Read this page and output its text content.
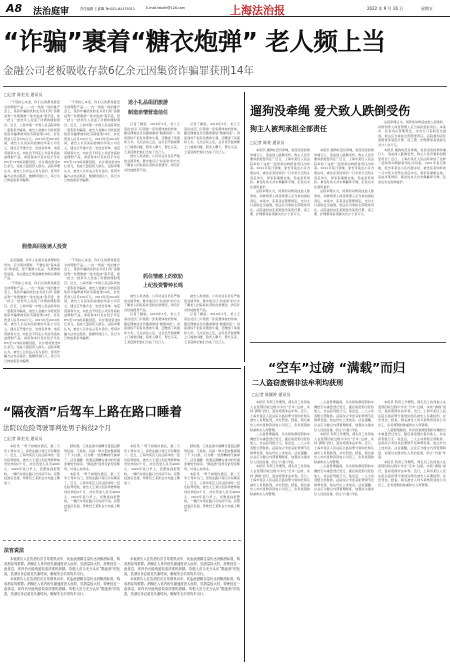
A8 法治庭审	责任编辑 王睿卿 Tel:021-64179311	E-mail:fzbzhf@126.com	上海法治报	2022 年 9 月 16 日	星期五
“诈骗”裹着“糖衣炮弹” 老人频上当
金融公司老板吸收存款6亿余元因集资诈骗罪获刑14年
□记者 陈宏光 通讯员

“不用担心本金，你们买的都是最安全的理财产品……”在一场接一场的推介会上，集资诈骗团伙的业务员们用“高额返利”“免费旅游”“送米送油”等手段，把一批又一批老年人拉进了所谓的理财项目。近日，上海市第一中级人民法院审结一起集资诈骗案，被告人金融公司老板因集资诈骗罪被判处有期徒刑14年，并处罚金人民币100万元。2015年至2019年间，被告人以其实际控制的多家公司名义，通过召开推介会、发放宣传单、电话营销等方式，向社会不特定公众宣传高收益理财产品，承诺保本付息并给予年化8%至12%的高额回报，共计吸收资金6亿余元，造成大量投资人损失。法院审理认为，被告人以非法占有为目的，使用诈骗方法非法集资，数额特别巨大，其行为已构成集资诈骗罪。

“不用担心本金，你们买的都是最安全的理财产品……”在一场接一场的推介会上，集资诈骗团伙的业务员们用“高额返利”“免费旅游”“送米送油”等手段，把一批又一批老年人拉进了所谓的理财项目。近日，上海市第一中级人民法院审结一起集资诈骗案，被告人金融公司老板因集资诈骗罪被判处有期徒刑14年，并处罚金人民币100万元。2015年至2019年间，被告人以其实际控制的多家公司名义，通过召开推介会、发放宣传单、电话营销等方式，向社会不特定公众宣传高收益理财产品，承诺保本付息并给予年化8%至12%的高额回报，共计吸收资金6亿余元，造成大量投资人损失。法院审理认为，被告人以非法占有为目的，使用诈骗方法非法集资，数额特别巨大，其行为已构成集资诈骗罪。

假借高回报诱人投资

法官提醒，老年人在面对各类理财宣传时，应当保持理性，不要轻信“保本高息”的承诺，更不要被小礼品、免费旅游所迷惑，务必通过正规金融机构购买理财产品。

“不用担心本金，你们买的都是最安全的理财产品……”在一场接一场的推介会上，集资诈骗团伙的业务员们用“高额返利”“免费旅游”“送米送油”等手段，把一批又一批老年人拉进了所谓的理财项目。近日，上海市第一中级人民法院审结一起集资诈骗案，被告人金融公司老板因集资诈骗罪被判处有期徒刑14年，并处罚金人民币100万元。2015年至2019年间，被告人以其实际控制的多家公司名义，通过召开推介会、发放宣传单、电话营销等方式，向社会不特定公众宣传高收益理财产品，承诺保本付息并给予年化8%至12%的高额回报，共计吸收资金6亿余元，造成大量投资人损失。法院审理认为，被告人以非法占有为目的，使用诈骗方法非法集资，数额特别巨大，其行为已构成集资诈骗罪。

“不用担心本金，你们买的都是最安全的理财产品……”在一场接一场的推介会上，集资诈骗团伙的业务员们用“高额返利”“免费旅游”“送米送油”等手段，把一批又一批老年人拉进了所谓的理财项目。近日，上海市第一中级人民法院审结一起集资诈骗案，被告人金融公司老板因集资诈骗罪被判处有期徒刑14年，并处罚金人民币100万元。2015年至2019年间，被告人以其实际控制的多家公司名义，通过召开推介会、发放宣传单、电话营销等方式，向社会不特定公众宣传高收益理财产品，承诺保本付息并给予年化8%至12%的高额回报，共计吸收资金6亿余元，造成大量投资人损失。法院审理认为，被告人以非法占有为目的，使用诈骗方法非法集资，数额特别巨大，其行为已构成集资诈骗罪。

送小礼品组团旅游
制造亲情营造信任

记者了解到，2018年3月，老人王某在社区门口领到一张免费体检的传单，随后便被业务员邀请参加“健康讲座”。讲座现场不但有免费的午餐，还赠送了鸡蛋和大米。几次活动之后，业务员开始频繁上门嘘寒问暖，陪老人聊天、帮忙买菜，王某逐渐把他们当成了自己人。

被告人供述称，公司对业务员有严格的业绩考核，要求他们以“拉家常”的方式了解老人的家庭状况和存款情况，再有针对性地推荐产品。

记者了解到，2018年3月，老人王某在社区门口领到一张免费体检的传单，随后便被业务员邀请参加“健康讲座”。讲座现场不但有免费的午餐，还赠送了鸡蛋和大米。几次活动之后，业务员开始频繁上门嘘寒问暖，陪老人聊天、帮忙买菜，王某逐渐把他们当成了自己人。

抓住情感上的软肋
上纪投资警钟长鸣

被告人供述称，公司对业务员有严格的业绩考核，要求他们以“拉家常”的方式了解老人的家庭状况和存款情况，再有针对性地推荐产品。

记者了解到，2018年3月，老人王某在社区门口领到一张免费体检的传单，随后便被业务员邀请参加“健康讲座”。讲座现场不但有免费的午餐，还赠送了鸡蛋和大米。几次活动之后，业务员开始频繁上门嘘寒问暖，陪老人聊天、帮忙买菜，王某逐渐把他们当成了自己人。

被告人供述称，公司对业务员有严格的业绩考核，要求他们以“拉家常”的方式了解老人的家庭状况和存款情况，再有针对性地推荐产品。

记者了解到，2018年3月，老人王某在社区门口领到一张免费体检的传单，随后便被业务员邀请参加“健康讲座”。讲座现场不但有免费的午餐，还赠送了鸡蛋和大米。几次活动之后，业务员开始频繁上门嘘寒问暖，陪老人聊天、帮忙买菜，王某逐渐把他们当成了自己人。

遛狗没牵绳 爱犬致人跌倒受伤
狗主人被判承担全部责任
□记者 陈豪 通讯员

本报讯 遛狗时没有牵绳，致使受惊的狗冲撞行人，造成他人跌倒受伤，狗主人是否要承担赔偿责任？近日，上海市某区人民法院审结了这样一起饲养动物损害责任纠纷案。2021年某日傍晚，原告李某在小区内散步时，被告张某饲养的一只中型犬突然从身后冲出，将李某撞倒在地，造成李某骨折。事发时该犬并未佩戴牵引绳，张某也未在现场看护。

法院审理认为，饲养的动物造成他人损害的，动物饲养人或者管理人应当承担侵权责任。本案中，张某违反管理规定，未对犬只采取安全措施，依法应当承担全部赔偿责任。法院遂判决张某赔偿李某医疗费、误工费、护理费等各项损失共计十余万元。

本报讯 遛狗时没有牵绳，致使受惊的狗冲撞行人，造成他人跌倒受伤，狗主人是否要承担赔偿责任？近日，上海市某区人民法院审结了这样一起饲养动物损害责任纠纷案。2021年某日傍晚，原告李某在小区内散步时，被告张某饲养的一只中型犬突然从身后冲出，将李某撞倒在地，造成李某骨折。事发时该犬并未佩戴牵引绳，张某也未在现场看护。

法院审理认为，饲养的动物造成他人损害的，动物饲养人或者管理人应当承担侵权责任。本案中，张某违反管理规定，未对犬只采取安全措施，依法应当承担全部赔偿责任。法院遂判决张某赔偿李某医疗费、误工费、护理费等各项损失共计十余万元。

法院审理认为，饲养的动物造成他人损害的，动物饲养人或者管理人应当承担侵权责任。本案中，张某违反管理规定，未对犬只采取安全措施，依法应当承担全部赔偿责任。法院遂判决张某赔偿李某医疗费、误工费、护理费等各项损失共计十余万元。

本报讯 遛狗时没有牵绳，致使受惊的狗冲撞行人，造成他人跌倒受伤，狗主人是否要承担赔偿责任？近日，上海市某区人民法院审结了这样一起饲养动物损害责任纠纷案。2021年某日傍晚，原告李某在小区内散步时，被告张某饲养的一只中型犬突然从身后冲出，将李某撞倒在地，造成李某骨折。事发时该犬并未佩戴牵引绳，张某也未在现场看护。

“空车”过磅 “满载”而归
二人盗窃废钢非法牟利均获刑
□记者 陈颖婷 通讯员

本报讯 利用工作便利，两名员工伙同他人在废钢回收过程中多次“空车”过磅，实则“满载”而归，盗窃废钢非法牟利。近日，上海市某区人民法院以盗窃罪分别判处两名被告人有期徒刑，并处罚金。经查，两名被告人均为某物资回收公司员工，负责废钢的称重和出入库管理。

二人趁管理漏洞，多次将装满废钢的车辆按空车重量登记放行，随后将废钢出售给他人，非法获利数万元。案发后，二人主动退赔全部赃款。法院综合考虑其犯罪情节及悔罪表现，依法作出上述判决。法官提醒，企业应当健全内部管理制度，加强对关键岗位人员的监督，防止“内鬼”作案。

本报讯 利用工作便利，两名员工伙同他人在废钢回收过程中多次“空车”过磅，实则“满载”而归，盗窃废钢非法牟利。近日，上海市某区人民法院以盗窃罪分别判处两名被告人有期徒刑，并处罚金。经查，两名被告人均为某物资回收公司员工，负责废钢的称重和出入库管理。

二人趁管理漏洞，多次将装满废钢的车辆按空车重量登记放行，随后将废钢出售给他人，非法获利数万元。案发后，二人主动退赔全部赃款。法院综合考虑其犯罪情节及悔罪表现，依法作出上述判决。法官提醒，企业应当健全内部管理制度，加强对关键岗位人员的监督，防止“内鬼”作案。

本报讯 利用工作便利，两名员工伙同他人在废钢回收过程中多次“空车”过磅，实则“满载”而归，盗窃废钢非法牟利。近日，上海市某区人民法院以盗窃罪分别判处两名被告人有期徒刑，并处罚金。经查，两名被告人均为某物资回收公司员工，负责废钢的称重和出入库管理。

二人趁管理漏洞，多次将装满废钢的车辆按空车重量登记放行，随后将废钢出售给他人，非法获利数万元。案发后，二人主动退赔全部赃款。法院综合考虑其犯罪情节及悔罪表现，依法作出上述判决。法官提醒，企业应当健全内部管理制度，加强对关键岗位人员的监督，防止“内鬼”作案。

本报讯 利用工作便利，两名员工伙同他人在废钢回收过程中多次“空车”过磅，实则“满载”而归，盗窃废钢非法牟利。近日，上海市某区人民法院以盗窃罪分别判处两名被告人有期徒刑，并处罚金。经查，两名被告人均为某物资回收公司员工，负责废钢的称重和出入库管理。

二人趁管理漏洞，多次将装满废钢的车辆按空车重量登记放行，随后将废钢出售给他人，非法获利数万元。案发后，二人主动退赔全部赃款。法院综合考虑其犯罪情节及悔罪表现，依法作出上述判决。法官提醒，企业应当健全内部管理制度，加强对关键岗位人员的监督，防止“内鬼”作案。

本报讯 利用工作便利，两名员工伙同他人在废钢回收过程中多次“空车”过磅，实则“满载”而归，盗窃废钢非法牟利。近日，上海市某区人民法院以盗窃罪分别判处两名被告人有期徒刑，并处罚金。经查，两名被告人均为某物资回收公司员工，负责废钢的称重和出入库管理。

“隔夜酒”后驾车上路在路口睡着
法院以危险驾驶罪判处男子拘役2个月
□记者 陈宏光 通讯员

本报讯 一男子前晚饮酒后，第二天早上驾车出门，竟然在路口等红灯时睡着了。近日，上海市某区人民法院审结一起危险驾驶案，被告人王某以危险驾驶罪被判处拘役2个月，并处罚金人民币4000元。2022年某日早上，民警接到报警称，一辆汽车停在路口长时间不动。民警赶到后发现，驾驶员王某趴在方向盘上睡着了。

经检测，王某血液中酒精含量超过醉驾标准。王某称，其前一晚与朋友聚餐喝了不少白酒，以为睡一觉酒精就代谢掉了。法官提醒：饮酒后酒精在体内的代谢需要较长时间，“隔夜酒”同样可能导致醉驾，切莫心存侥幸。

本报讯 一男子前晚饮酒后，第二天早上驾车出门，竟然在路口等红灯时睡着了。近日，上海市某区人民法院审结一起危险驾驶案，被告人王某以危险驾驶罪被判处拘役2个月，并处罚金人民币4000元。2022年某日早上，民警接到报警称，一辆汽车停在路口长时间不动。民警赶到后发现，驾驶员王某趴在方向盘上睡着了。

本报讯 一男子前晚饮酒后，第二天早上驾车出门，竟然在路口等红灯时睡着了。近日，上海市某区人民法院审结一起危险驾驶案，被告人王某以危险驾驶罪被判处拘役2个月，并处罚金人民币4000元。2022年某日早上，民警接到报警称，一辆汽车停在路口长时间不动。民警赶到后发现，驾驶员王某趴在方向盘上睡着了。

经检测，王某血液中酒精含量超过醉驾标准。王某称，其前一晚与朋友聚餐喝了不少白酒，以为睡一觉酒精就代谢掉了。法官提醒：饮酒后酒精在体内的代谢需要较长时间，“隔夜酒”同样可能导致醉驾，切莫心存侥幸。

本报讯 一男子前晚饮酒后，第二天早上驾车出门，竟然在路口等红灯时睡着了。近日，上海市某区人民法院审结一起危险驾驶案，被告人王某以危险驾驶罪被判处拘役2个月，并处罚金人民币4000元。2022年某日早上，民警接到报警称，一辆汽车停在路口长时间不动。民警赶到后发现，驾驶员王某趴在方向盘上睡着了。

法官说法

本案被告人在饮酒后次日驾驶机动车，其血液酒精含量仍达到醉酒标准，构成危险驾驶罪。酒精在人体内的代谢速度因人而异，饮酒量较大时，即使经过一夜休息，体内仍可能残留较高浓度的酒精。驾驶人应当充分认识“隔夜酒”的危害，饮酒后务必留足代谢时间，确保安全后再驾车出行。

本案被告人在饮酒后次日驾驶机动车，其血液酒精含量仍达到醉酒标准，构成危险驾驶罪。酒精在人体内的代谢速度因人而异，饮酒量较大时，即使经过一夜休息，体内仍可能残留较高浓度的酒精。驾驶人应当充分认识“隔夜酒”的危害，饮酒后务必留足代谢时间，确保安全后再驾车出行。

本案被告人在饮酒后次日驾驶机动车，其血液酒精含量仍达到醉酒标准，构成危险驾驶罪。酒精在人体内的代谢速度因人而异，饮酒量较大时，即使经过一夜休息，体内仍可能残留较高浓度的酒精。驾驶人应当充分认识“隔夜酒”的危害，饮酒后务必留足代谢时间，确保安全后再驾车出行。

本案被告人在饮酒后次日驾驶机动车，其血液酒精含量仍达到醉酒标准，构成危险驾驶罪。酒精在人体内的代谢速度因人而异，饮酒量较大时，即使经过一夜休息，体内仍可能残留较高浓度的酒精。驾驶人应当充分认识“隔夜酒”的危害，饮酒后务必留足代谢时间，确保安全后再驾车出行。
